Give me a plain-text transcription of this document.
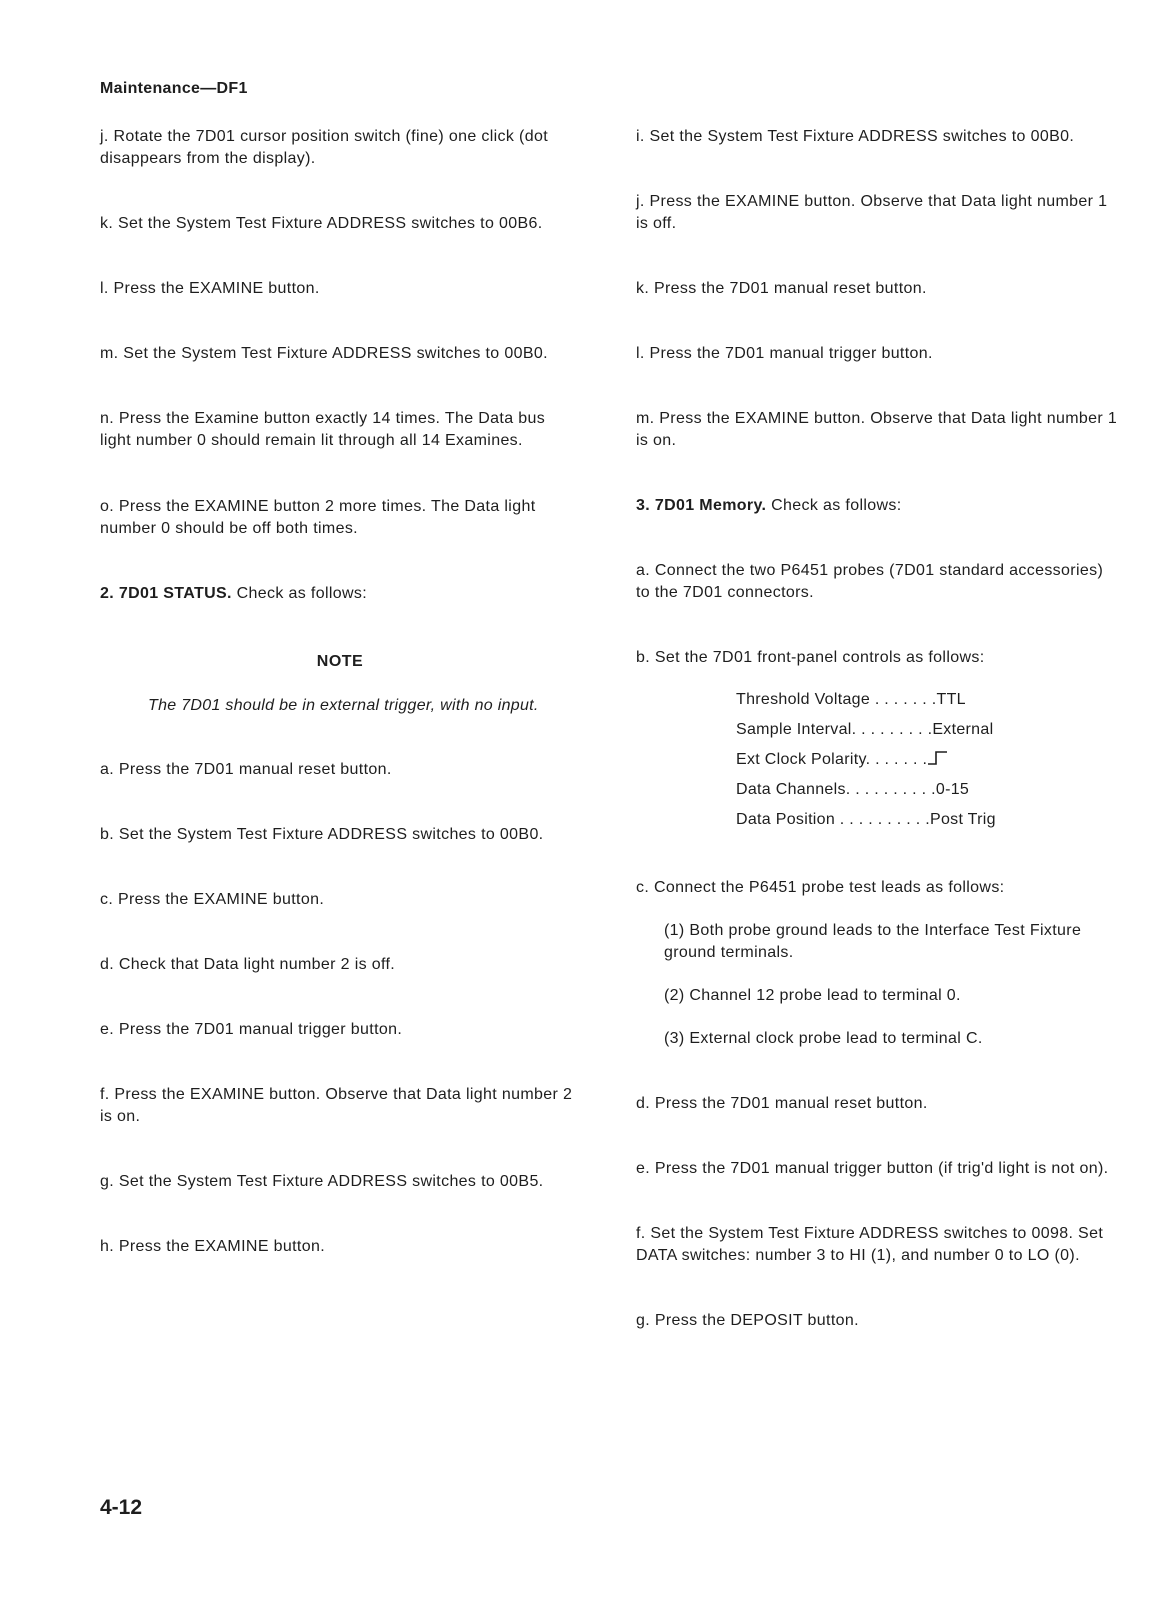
Maintenance—DF1

j. Rotate the 7D01 cursor position switch (fine) one click (dot disappears from the display).

k. Set the System Test Fixture ADDRESS switches to 00B6.

l. Press the EXAMINE button.

m. Set the System Test Fixture ADDRESS switches to 00B0.

n. Press the Examine button exactly 14 times. The Data bus light number 0 should remain lit through all 14 Examines.

o. Press the EXAMINE button 2 more times. The Data light number 0 should be off both times.

2. 7D01 STATUS. Check as follows:

NOTE

The 7D01 should be in external trigger, with no input.

a. Press the 7D01 manual reset button.

b. Set the System Test Fixture ADDRESS switches to 00B0.

c. Press the EXAMINE button.

d. Check that Data light number 2 is off.

e. Press the 7D01 manual trigger button.

f. Press the EXAMINE button. Observe that Data light number 2 is on.

g. Set the System Test Fixture ADDRESS switches to 00B5.

h. Press the EXAMINE button.

i. Set the System Test Fixture ADDRESS switches to 00B0.

j. Press the EXAMINE button. Observe that Data light number 1 is off.

k. Press the 7D01 manual reset button.

l. Press the 7D01 manual trigger button.

m. Press the EXAMINE button. Observe that Data light number 1 is on.

3. 7D01 Memory. Check as follows:

a. Connect the two P6451 probes (7D01 standard accessories) to the 7D01 connectors.

b. Set the 7D01 front-panel controls as follows:

Threshold Voltage . . . . . . .TTL

Sample Interval. . . . . . . . .External

Ext Clock Polarity. . . . . . .

Data Channels. . . . . . . . . .0-15

Data Position . . . . . . . . . .Post Trig

c. Connect the P6451 probe test leads as follows:

(1) Both probe ground leads to the Interface Test Fixture ground terminals.

(2) Channel 12 probe lead to terminal 0.

(3) External clock probe lead to terminal C.

d. Press the 7D01 manual reset button.

e. Press the 7D01 manual trigger button (if trig'd light is not on).

f. Set the System Test Fixture ADDRESS switches to 0098. Set DATA switches: number 3 to HI (1), and number 0 to LO (0).

g. Press the DEPOSIT button.

4-12
